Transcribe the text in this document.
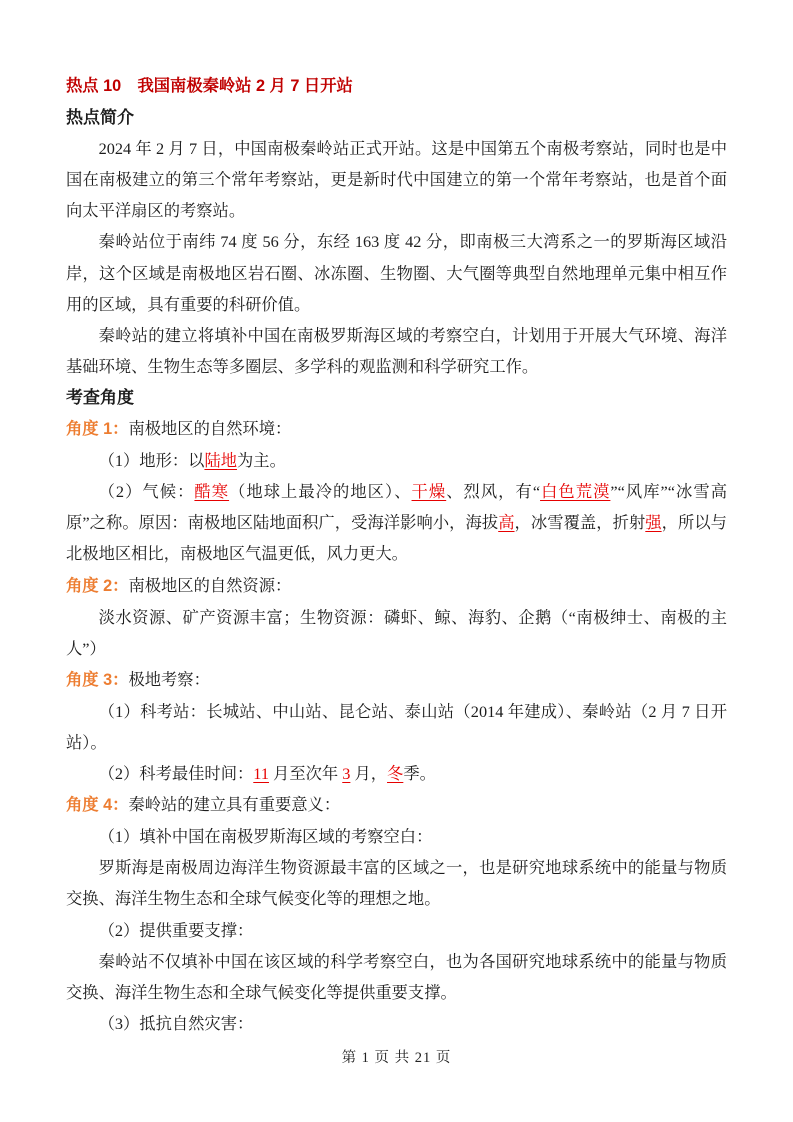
热点 10　我国南极秦岭站 2 月 7 日开站

热点简介

2024 年 2 月 7 日，中国南极秦岭站正式开站。这是中国第五个南极考察站，同时也是中国在南极建立的第三个常年考察站，更是新时代中国建立的第一个常年考察站，也是首个面向太平洋扇区的考察站。

秦岭站位于南纬 74 度 56 分，东经 163 度 42 分，即南极三大湾系之一的罗斯海区域沿岸，这个区域是南极地区岩石圈、冰冻圈、生物圈、大气圈等典型自然地理单元集中相互作用的区域，具有重要的科研价值。

秦岭站的建立将填补中国在南极罗斯海区域的考察空白，计划用于开展大气环境、海洋基础环境、生物生态等多圈层、多学科的观监测和科学研究工作。

考查角度

角度 1：南极地区的自然环境：

（1）地形：以陆地为主。

（2）气候：酷寒（地球上最冷的地区）、干燥、烈风，有“白色荒漠”“风库”“冰雪高原”之称。原因：南极地区陆地面积广，受海洋影响小，海拔高，冰雪覆盖，折射强，所以与北极地区相比，南极地区气温更低，风力更大。

角度 2：南极地区的自然资源：

淡水资源、矿产资源丰富；生物资源：磷虾、鲸、海豹、企鹅（“南极绅士、南极的主人”）

角度 3：极地考察：

（1）科考站：长城站、中山站、昆仑站、泰山站（2014 年建成）、秦岭站（2 月 7 日开站）。

（2）科考最佳时间：11 月至次年 3 月，冬季。

角度 4：秦岭站的建立具有重要意义：

（1）填补中国在南极罗斯海区域的考察空白：

罗斯海是南极周边海洋生物资源最丰富的区域之一，也是研究地球系统中的能量与物质交换、海洋生物生态和全球气候变化等的理想之地。

（2）提供重要支撑：

秦岭站不仅填补中国在该区域的科学考察空白，也为各国研究地球系统中的能量与物质交换、海洋生物生态和全球气候变化等提供重要支撑。

（3）抵抗自然灾害：

第 1 页 共 21 页
